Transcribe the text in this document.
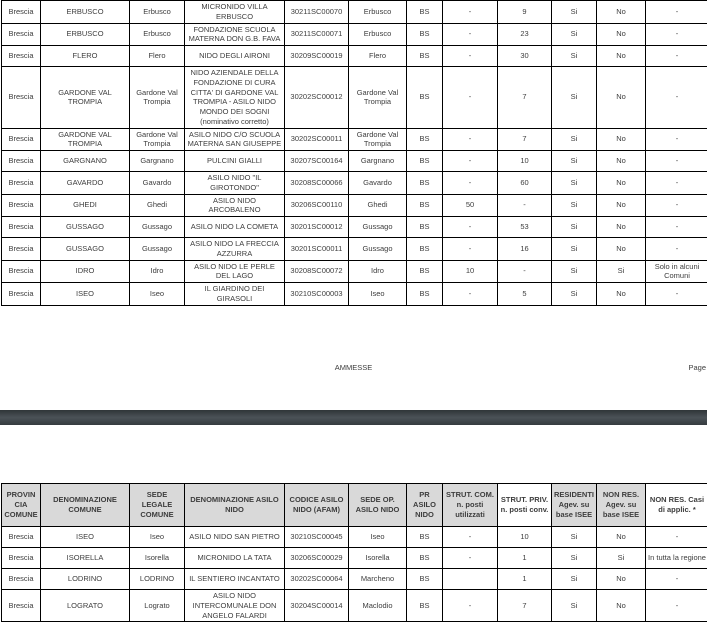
Brescia	ERBUSCO	Erbusco	MICRONIDO VILLA ERBUSCO	30211SC00070	Erbusco	BS	-	9	Si	No	-
Brescia	ERBUSCO	Erbusco	FONDAZIONE SCUOLA MATERNA DON G.B. FAVA	30211SC00071	Erbusco	BS	-	23	Si	No	-
Brescia	FLERO	Flero	NIDO DEGLI AIRONI	30209SC00019	Flero	BS	-	30	Si	No	-
Brescia	GARDONE VAL TROMPIA	Gardone Val Trompia	NIDO AZIENDALE DELLA FONDAZIONE DI CURA CITTA' DI GARDONE VAL TROMPIA - ASILO NIDO MONDO DEI SOGNI (nominativo corretto)	30202SC00012	Gardone Val Trompia	BS	-	7	Si	No	-
Brescia	GARDONE VAL TROMPIA	Gardone Val Trompia	ASILO NIDO C/O SCUOLA MATERNA SAN GIUSEPPE	30202SC00011	Gardone Val Trompia	BS	-	7	Si	No	-
Brescia	GARGNANO	Gargnano	PULCINI GIALLI	30207SC00164	Gargnano	BS	-	10	Si	No	-
Brescia	GAVARDO	Gavardo	ASILO NIDO "IL GIROTONDO"	30208SC00066	Gavardo	BS	-	60	Si	No	-
Brescia	GHEDI	Ghedi	ASILO NIDO ARCOBALENO	30206SC00110	Ghedi	BS	50	-	Si	No	-
Brescia	GUSSAGO	Gussago	ASILO NIDO LA COMETA	30201SC00012	Gussago	BS	-	53	Si	No	-
Brescia	GUSSAGO	Gussago	ASILO NIDO LA FRECCIA AZZURRA	30201SC00011	Gussago	BS	-	16	Si	No	-
Brescia	IDRO	Idro	ASILO NIDO LE PERLE DEL LAGO	30208SC00072	Idro	BS	10	-	Si	Si	Solo in alcuni Comuni
Brescia	ISEO	Iseo	IL GIARDINO DEI GIRASOLI	30210SC00003	Iseo	BS	-	5	Si	No	-
AMMESSE	Page
PROVINCIA COMUNE	DENOMINAZIONE COMUNE	SEDE LEGALE COMUNE	DENOMINAZIONE ASILO NIDO	CODICE ASILO NIDO (AFAM)	SEDE OP. ASILO NIDO	PR ASILO NIDO	STRUT. COM. n. posti utilizzati	STRUT. PRIV. n. posti conv.	RESIDENTI Agev. su base ISEE	NON RES. Agev. su base ISEE	NON RES. Casi di applic. *
Brescia	ISEO	Iseo	ASILO NIDO SAN PIETRO	30210SC00045	Iseo	BS	-	10	Si	No	-
Brescia	ISORELLA	Isorella	MICRONIDO LA TATA	30206SC00029	Isorella	BS	-	1	Si	Si	In tutta la regione
Brescia	LODRINO	LODRINO	IL SENTIERO INCANTATO	30202SC00064	Marcheno	BS		1	Si	No	-
Brescia	LOGRATO	Lograto	ASILO NIDO INTERCOMUNALE DON ANGELO FALARDI	30204SC00014	Maclodio	BS	-	7	Si	No	-
